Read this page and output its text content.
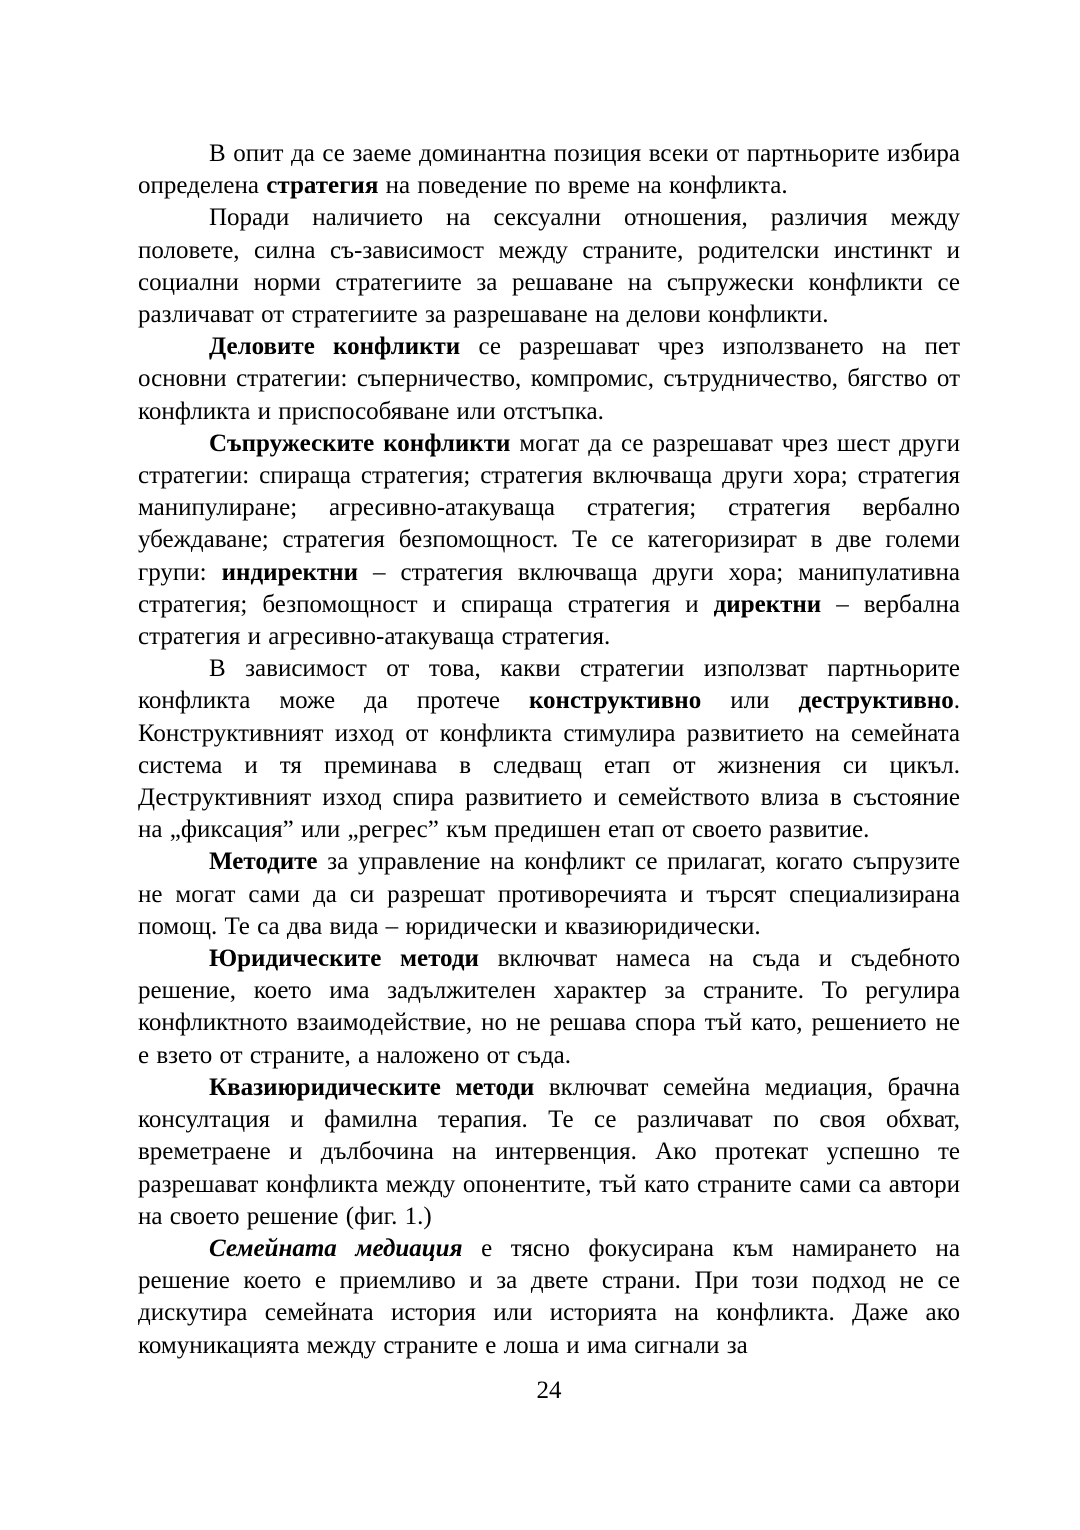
В опит да се заеме доминантна позиция всеки от партньорите избира определена стратегия на поведение по време на конфликта.

Поради наличието на сексуални отношения, различия между половете, силна съ-зависимост между страните, родителски инстинкт и социални норми стратегиите за решаване на съпружески конфликти се различават от стратегиите за разрешаване на делови конфликти.

Деловите конфликти се разрешават чрез използването на пет основни стратегии: съперничество, компромис, сътрудничество, бягство от конфликта и приспособяване или отстъпка.

Съпружеските конфликти могат да се разрешават чрез шест други стратегии: спираща стратегия; стратегия включваща други хора; стратегия манипулиране; агресивно-атакуваща стратегия; стратегия вербално убеждаване; стратегия безпомощност. Те се категоризират в две големи групи: индиректни – стратегия включваща други хора; манипулативна стратегия; безпомощност и спираща стратегия и директни – вербална стратегия и агресивно-атакуваща стратегия.

В зависимост от това, какви стратегии използват партньорите конфликта може да протече конструктивно или деструктивно. Конструктивният изход от конфликта стимулира развитието на семейната система и тя преминава в следващ етап от жизнения си цикъл. Деструктивният изход спира развитието и семейството влиза в състояние на „фиксация” или „регрес” към предишен етап от своето развитие.

Методите за управление на конфликт се прилагат, когато съпрузите не могат сами да си разрешат противоречията и търсят специализирана помощ. Те са два вида – юридически и квазиюридически.

Юридическите методи включват намеса на съда и съдебното решение, което има задължителен характер за страните. То регулира конфликтното взаимодействие, но не решава спора тъй като, решението не е взето от страните, а наложено от съда.

Квазиюридическите методи включват семейна медиация, брачна консултация и фамилна терапия. Те се различават по своя обхват, времетраене и дълбочина на интервенция. Ако протекат успешно те разрешават конфликта между опонентите, тъй като страните сами са автори на своето решение (фиг. 1.)

Семейната медиация е тясно фокусирана към намирането на решение което е приемливо и за двете страни. При този подход не се дискутира семейната история или историята на конфликта. Даже ако комуникацията между страните е лоша и има сигнали за

24
